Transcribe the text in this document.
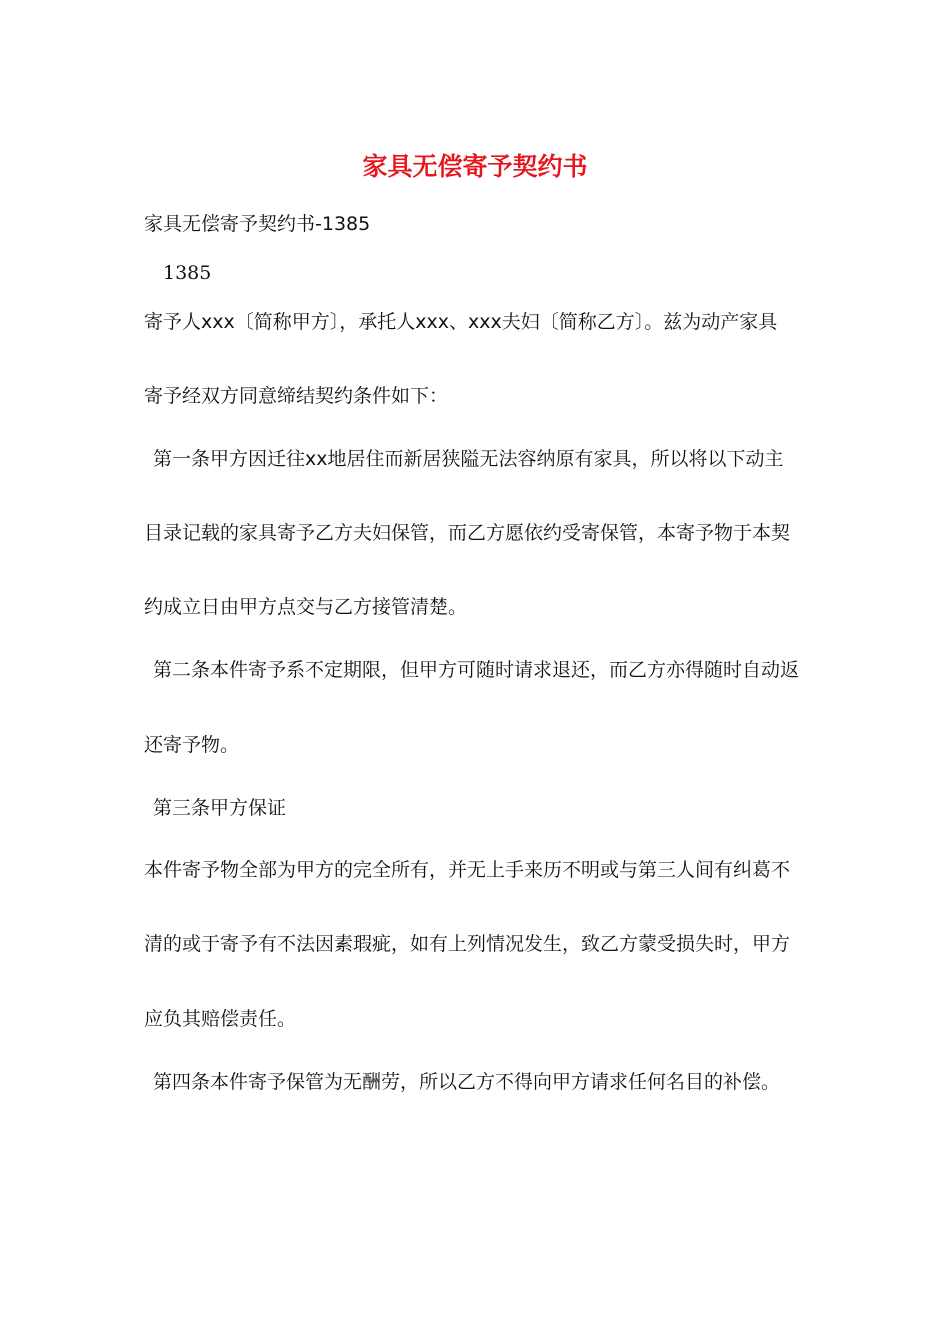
家具无偿寄予契约书
家具无偿寄予契约书-1385
1385
寄予人xxx〔简称甲方〕，承托人xxx、xxx夫妇〔简称乙方〕。兹为动产家具
寄予经双方同意缔结契约条件如下：
第一条甲方因迁往xx地居住而新居狭隘无法容纳原有家具，所以将以下动主
目录记载的家具寄予乙方夫妇保管，而乙方愿依约受寄保管，本寄予物于本契
约成立日由甲方点交与乙方接管清楚。
第二条本件寄予系不定期限，但甲方可随时请求退还，而乙方亦得随时自动返
还寄予物。
第三条甲方保证
本件寄予物全部为甲方的完全所有，并无上手来历不明或与第三人间有纠葛不
清的或于寄予有不法因素瑕疵，如有上列情况发生，致乙方蒙受损失时，甲方
应负其赔偿责任。
第四条本件寄予保管为无酬劳，所以乙方不得向甲方请求任何名目的补偿。
